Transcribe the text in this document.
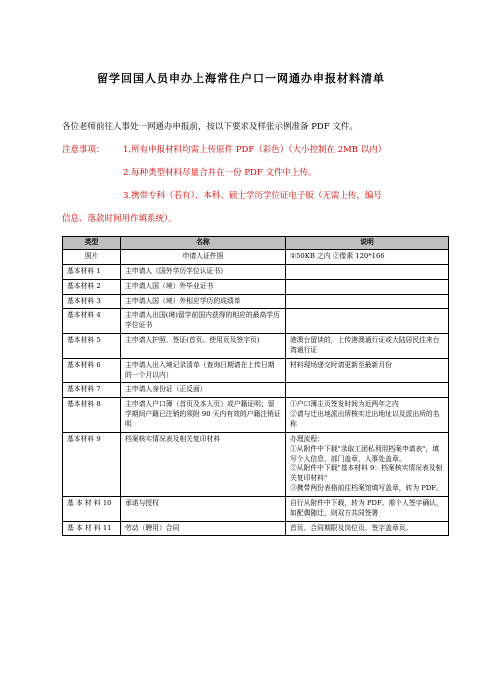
留学回国人员申办上海常住户口一网通办申报材料清单
各位老师前往人事处一网通办申报前，按以下要求及样张示例准备 PDF 文件。
注意事项： 1.所有申报材料均需上传原件 PDF（彩色）（大小控制在 2MB 以内）
2.每种类型材料尽量合并在一份 PDF 文件中上传。
3.携带专科（若有）、本科、硕士学历学位证电子版（无需上传，编号
信息、落款时间用作填系统）。
类型	名称	说明
照片	申请人证件照	①50KB 之内 ②像素 120*166
基本材料 1	主申请人《国外学历学位认证书》	
基本材料 2	主申请人国（境）外毕业证书	
基本材料 3	主申请人国（境）外相应学历的成绩单	
基本材料 4	主申请人出国(境)留学前国内获得的相应的最高学历学位证书	
基本材料 5	主申请人护照、签证(首页、使用页及签字页)	港澳台留读的，上传港澳通行证或大陆居民往来台湾通行证
基本材料 6	主申请人出入境记录清单（查询日期请在上传日期的一个月以内）	材料现场递交时请更新至最新月份
基本材料 7	主申请人身份证（正反面）	
基本材料 8	主申请人户口簿（首页及本人页）或户籍证明；留学期间户籍已注销的须附 90 天内有效的户籍注销证明	①户口簿主页签发时间为近两年之内
②请与迁出地派出所核实迁出地址以及派出所的名称
基本材料 9	档案核实情况表及相关复印材料	办理流程：
①从附件中下载"录取工团私利用档案申请表"，填写个人信息，部门盖章，人事处盖章。
②从附件中下载"基本材料 9：档案核实情况表及相关复印材料"
③携带两份表格前往档案馆填写盖章，转为 PDF。
基 本 材 料 10	承诺与授权	自行从附件中下载，转为 PDF。需个人签字确认，如配偶随迁，则双方共同签署
基 本 材 料 11	劳动（聘用）合同	首页、合同期限及岗位页、签字盖章页。
